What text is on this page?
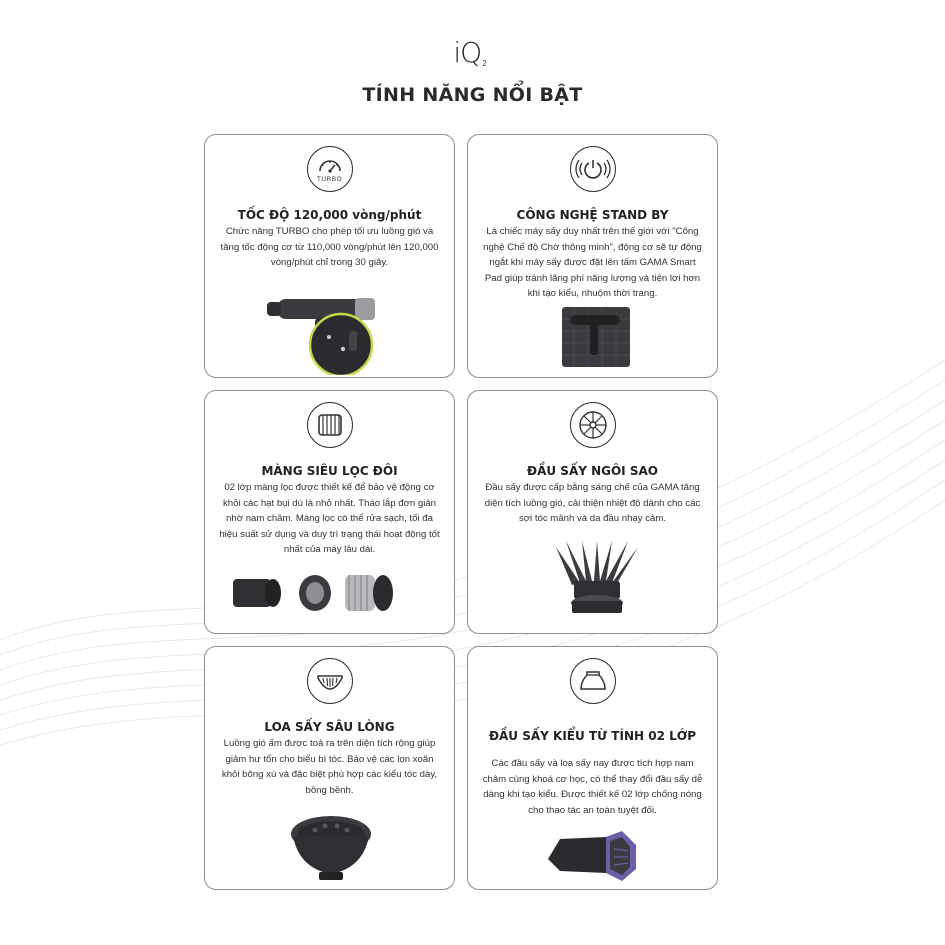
$iQ_2$
TÍNH NĂNG NỔI BẬT
TURBO
TỐC ĐỘ 120,000 vòng/phút
Chức năng TURBO cho phép tối ưu luồng gió và tăng tốc động cơ từ 110,000 vòng/phút lên 120,000 vòng/phút chỉ trong 30 giây.
CÔNG NGHỆ STAND BY
Là chiếc máy sấy duy nhất trên thế giới với "Công nghệ Chế độ Chờ thông minh", động cơ sẽ tự động ngắt khi máy sấy được đặt lên tấm GAMA Smart Pad giúp tránh lãng phí năng lượng và tiện lợi hơn khi tạo kiểu, nhuộm thời trang.
MÀNG SIÊU LỌC ĐÔI
02 lớp màng lọc được thiết kế để bảo vệ động cơ khỏi các hạt bụi dù là nhỏ nhất. Tháo lắp đơn giản nhờ nam châm. Màng lọc có thể rửa sạch, tối đa hiệu suất sử dụng và duy trì trạng thái hoạt động tốt nhất của máy lâu dài.
ĐẦU SẤY NGÔI SAO
Đầu sấy được cấp bằng sáng chế của GAMA tăng diện tích luồng gió, cải thiện nhiệt độ dành cho các sợi tóc mảnh và da đầu nhạy cảm.
LOA SẤY SÂU LÒNG
Luồng gió ấm được toả ra trên diện tích rộng giúp giảm hư tổn cho biểu bì tóc. Bảo vệ các lọn xoăn khỏi bông xù và đặc biệt phù hợp các kiểu tóc dày, bồng bềnh.
ĐẦU SẤY KIỂU TỪ TÍNH 02 LỚP
Các đầu sấy và loa sấy nay được tích hợp nam châm cùng khoá cơ học, có thể thay đổi đầu sấy dễ dàng khi tạo kiểu. Được thiết kế 02 lớp chống nóng cho thao tác an toàn tuyệt đối.
